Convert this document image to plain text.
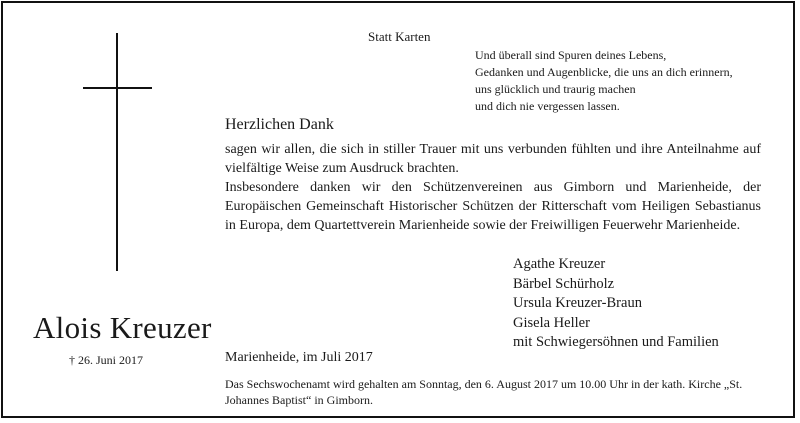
Statt Karten
Und überall sind Spuren deines Lebens,
Gedanken und Augenblicke, die uns an dich erinnern,
uns glücklich und traurig machen
und dich nie vergessen lassen.
Herzlichen Dank
sagen wir allen, die sich in stiller Trauer mit uns verbunden fühlten und ihre Anteilnahme auf vielfältige Weise zum Ausdruck brachten.
Insbesondere danken wir den Schützenvereinen aus Gimborn und Marienheide, der Europäischen Gemeinschaft Historischer Schützen der Ritterschaft vom Heiligen Sebastianus in Europa, dem Quartettverein Marienheide sowie der Freiwilligen Feuerwehr Marienheide.
Agathe Kreuzer
Bärbel Schürholz
Ursula Kreuzer-Braun
Gisela Heller
mit Schwiegersöhnen und Familien
Alois Kreuzer
† 26. Juni 2017	Marienheide, im Juli 2017
Das Sechswochenamt wird gehalten am Sonntag, den 6. August 2017 um 10.00 Uhr in der kath. Kirche „St. Johannes Baptist“ in Gimborn.
